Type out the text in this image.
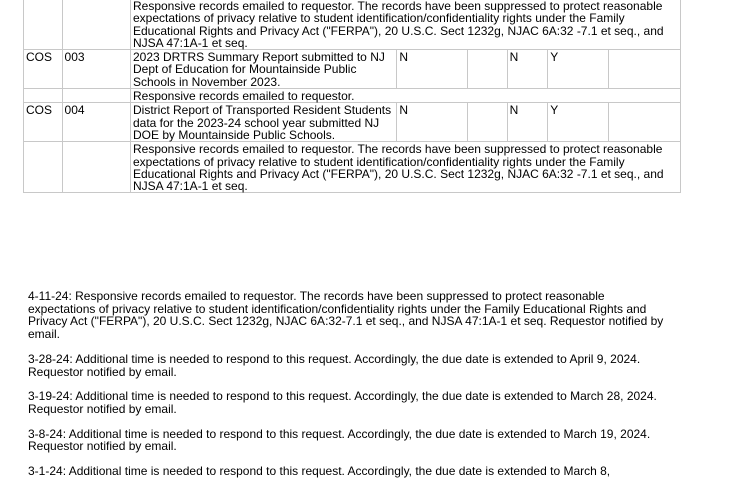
		Responsive records emailed to requestor. The records have been suppressed to protect reasonable expectations of privacy relative to student identification/confidentiality rights under the Family Educational Rights and Privacy Act ("FERPA"), 20 U.S.C. Sect 1232g, NJAC 6A:32 -7.1 et seq., and NJSA 47:1A-1 et seq.					
COS	003	2023 DRTRS Summary Report submitted to NJ Dept of Education for Mountainside Public Schools in November 2023.	N		N	Y	
		Responsive records emailed to requestor.					
COS	004	District Report of Transported Resident Students data for the 2023-24 school year submitted NJ DOE by Mountainside Public Schools.	N		N	Y	
		Responsive records emailed to requestor. The records have been suppressed to protect reasonable expectations of privacy relative to student identification/confidentiality rights under the Family Educational Rights and Privacy Act ("FERPA"), 20 U.S.C. Sect 1232g, NJAC 6A:32 -7.1 et seq., and NJSA 47:1A-1 et seq.					

4-11-24: Responsive records emailed to requestor. The records have been suppressed to protect reasonable expectations of privacy relative to student identification/confidentiality rights under the Family Educational Rights and Privacy Act ("FERPA"), 20 U.S.C. Sect 1232g, NJAC 6A:32-7.1 et seq., and NJSA 47:1A-1 et seq. Requestor notified by email.

3-28-24: Additional time is needed to respond to this request. Accordingly, the due date is extended to April 9, 2024. Requestor notified by email.

3-19-24: Additional time is needed to respond to this request. Accordingly, the due date is extended to March 28, 2024. Requestor notified by email.

3-8-24: Additional time is needed to respond to this request. Accordingly, the due date is extended to March 19, 2024. Requestor notified by email.

3-1-24: Additional time is needed to respond to this request. Accordingly, the due date is extended to March 8,
